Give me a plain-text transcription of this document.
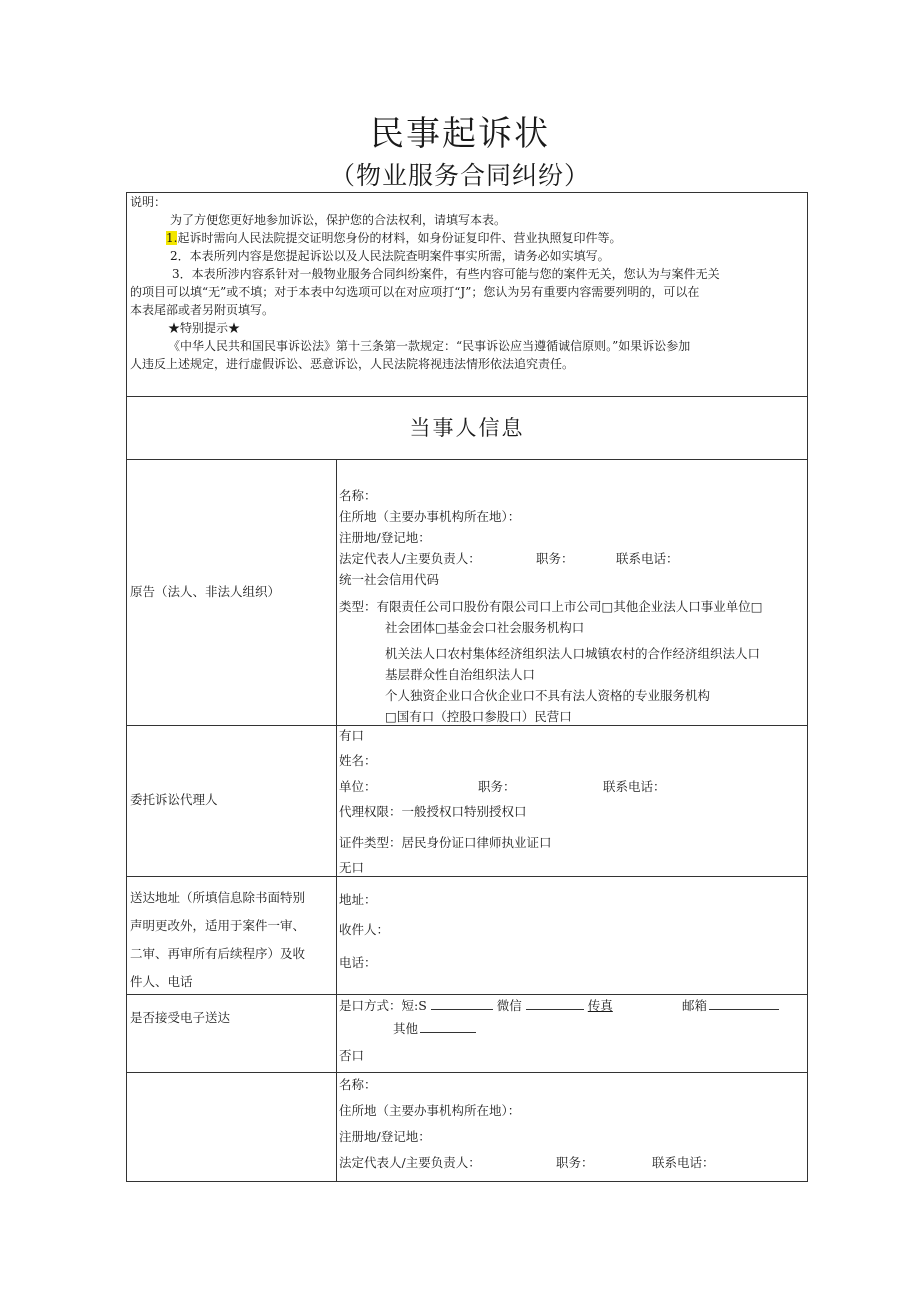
民事起诉状
（物业服务合同纠纷）
说明：
为了方便您更好地参加诉讼，保护您的合法权利，请填写本表。
1.起诉时需向人民法院提交证明您身份的材料，如身份证复印件、营业执照复印件等。
2．本表所列内容是您提起诉讼以及人民法院查明案件事实所需，请务必如实填写。
3．本表所涉内容系针对一般物业服务合同纠纷案件，有些内容可能与您的案件无关，您认为与案件无关
的项目可以填“无”或不填；对于本表中勾选项可以在对应项打“J”；您认为另有重要内容需要列明的，可以在
本表尾部或者另附页填写。
★特别提示★
《中华人民共和国民事诉讼法》第十三条第一款规定：“民事诉讼应当遵循诚信原则。”如果诉讼参加
人违反上述规定，进行虚假诉讼、恶意诉讼，人民法院将视违法情形依法追究责任。
当事人信息
原告（法人、非法人组织）
名称：
住所地（主要办事机构所在地）：
注册地/登记地：
法定代表人/主要负责人：	职务：	联系电话：
统一社会信用代码
类型：有限责任公司口股份有限公司口上市公司□其他企业法人口事业单位□
社会团体□基金会口社会服务机构口
机关法人口农村集体经济组织法人口城镇农村的合作经济组织法人口
基层群众性自治组织法人口
个人独资企业口合伙企业口不具有法人资格的专业服务机构
□国有口（控股口参股口）民营口
委托诉讼代理人
有口
姓名：
单位：	职务：	联系电话：
代理权限：一般授权口特别授权口
证件类型：居民身份证口律师执业证口
无口
送达地址（所填信息除书面特别
声明更改外，适用于案件一审、
二审、再审所有后续程序）及收
件人、电话
地址：
收件人：
电话：
是否接受电子送达
是口方式：短:S	微信	传真	邮箱
其他
否口
名称：
住所地（主要办事机构所在地）：
注册地/登记地：
法定代表人/主要负责人：	职务：	联系电话：
